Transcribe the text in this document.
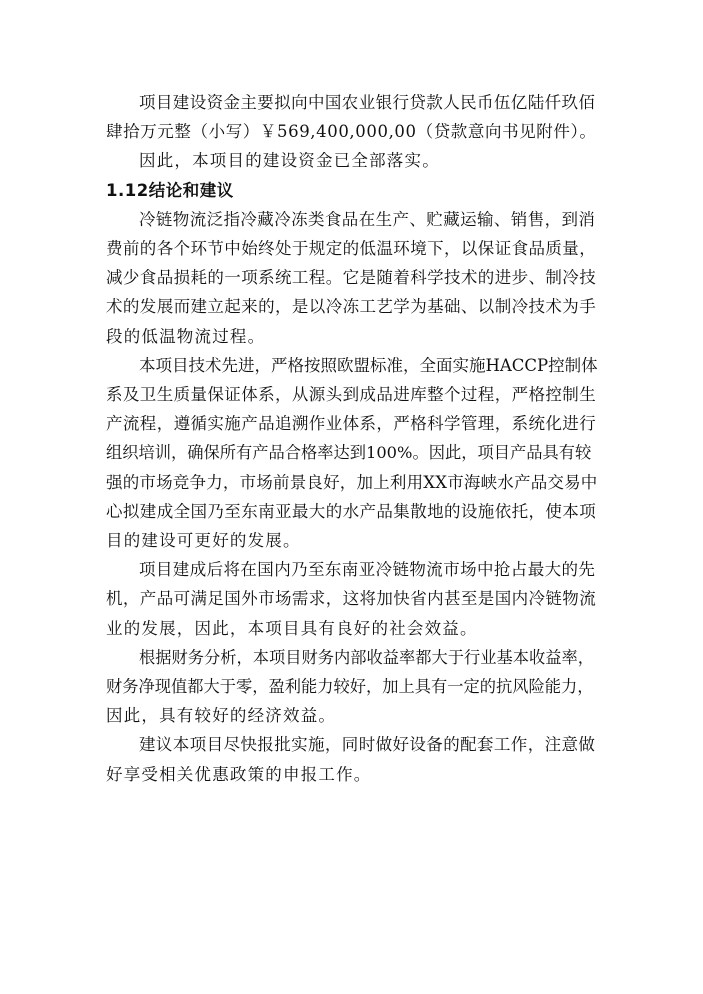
项目建设资金主要拟向中国农业银行贷款人民币伍亿陆仟玖佰
肆拾万元整（小写）￥569,400,000,00（贷款意向书见附件）。
因此，本项目的建设资金已全部落实。
1.12结论和建议
冷链物流泛指冷藏冷冻类食品在生产、贮藏运输、销售，到消
费前的各个环节中始终处于规定的低温环境下，以保证食品质量，
减少食品损耗的一项系统工程。它是随着科学技术的进步、制冷技
术的发展而建立起来的，是以冷冻工艺学为基础、以制冷技术为手
段的低温物流过程。
本项目技术先进，严格按照欧盟标准，全面实施HACCP控制体
系及卫生质量保证体系，从源头到成品进库整个过程，严格控制生
产流程，遵循实施产品追溯作业体系，严格科学管理，系统化进行
组织培训，确保所有产品合格率达到100%。因此，项目产品具有较
强的市场竞争力，市场前景良好，加上利用XX市海峡水产品交易中
心拟建成全国乃至东南亚最大的水产品集散地的设施依托，使本项
目的建设可更好的发展。
项目建成后将在国内乃至东南亚冷链物流市场中抢占最大的先
机，产品可满足国外市场需求，这将加快省内甚至是国内冷链物流
业的发展，因此，本项目具有良好的社会效益。
根据财务分析，本项目财务内部收益率都大于行业基本收益率，
财务净现值都大于零，盈利能力较好，加上具有一定的抗风险能力，
因此，具有较好的经济效益。
建议本项目尽快报批实施，同时做好设备的配套工作，注意做
好享受相关优惠政策的申报工作。
